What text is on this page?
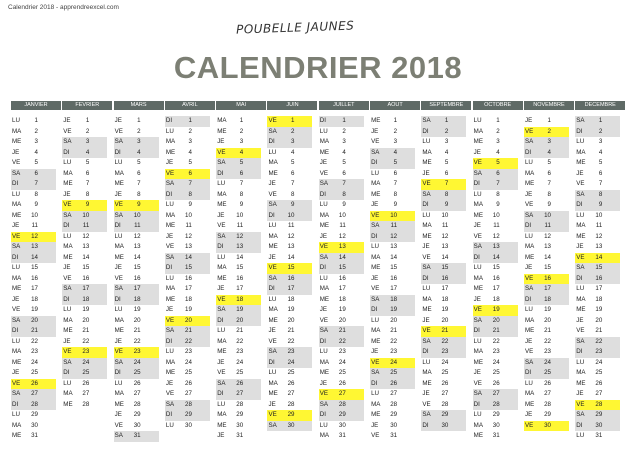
Calendrier 2018 - apprendreexcel.com
POUBELLE JAUNES
CALENDRIER 2018
JANVIER
LU	1
MA	2
ME	3
JE	4
VE	5
SA	6
DI	7
LU	8
MA	9
ME	10
JE	11
VE	12
SA	13
DI	14
LU	15
MA	16
ME	17
JE	18
VE	19
SA	20
DI	21
LU	22
MA	23
ME	24
JE	25
VE	26
SA	27
DI	28
LU	29
MA	30
ME	31
FEVRIER
JE	1
VE	2
SA	3
DI	4
LU	5
MA	6
ME	7
JE	8
VE	9
SA	10
DI	11
LU	12
MA	13
ME	14
JE	15
VE	16
SA	17
DI	18
LU	19
MA	20
ME	21
JE	22
VE	23
SA	24
DI	25
LU	26
MA	27
ME	28
MARS
JE	1
VE	2
SA	3
DI	4
LU	5
MA	6
ME	7
JE	8
VE	9
SA	10
DI	11
LU	12
MA	13
ME	14
JE	15
VE	16
SA	17
DI	18
LU	19
MA	20
ME	21
JE	22
VE	23
SA	24
DI	25
LU	26
MA	27
ME	28
JE	29
VE	30
SA	31
AVRIL
DI	1
LU	2
MA	3
ME	4
JE	5
VE	6
SA	7
DI	8
LU	9
MA	10
ME	11
JE	12
VE	13
SA	14
DI	15
LU	16
MA	17
ME	18
JE	19
VE	20
SA	21
DI	22
LU	23
MA	24
ME	25
JE	26
VE	27
SA	28
DI	29
LU	30
MAI
MA	1
ME	2
JE	3
VE	4
SA	5
DI	6
LU	7
MA	8
ME	9
JE	10
VE	11
SA	12
DI	13
LU	14
MA	15
ME	16
JE	17
VE	18
SA	19
DI	20
LU	21
MA	22
ME	23
JE	24
VE	25
SA	26
DI	27
LU	28
MA	29
ME	30
JE	31
JUIN
VE	1
SA	2
DI	3
LU	4
MA	5
ME	6
JE	7
VE	8
SA	9
DI	10
LU	11
MA	12
ME	13
JE	14
VE	15
SA	16
DI	17
LU	18
MA	19
ME	20
JE	21
VE	22
SA	23
DI	24
LU	25
MA	26
ME	27
JE	28
VE	29
SA	30
JUILLET
DI	1
LU	2
MA	3
ME	4
JE	5
VE	6
SA	7
DI	8
LU	9
MA	10
ME	11
JE	12
VE	13
SA	14
DI	15
LU	16
MA	17
ME	18
JE	19
VE	20
SA	21
DI	22
LU	23
MA	24
ME	25
JE	26
VE	27
SA	28
DI	29
LU	30
MA	31
AOUT
ME	1
JE	2
VE	3
SA	4
DI	5
LU	6
MA	7
ME	8
JE	9
VE	10
SA	11
DI	12
LU	13
MA	14
ME	15
JE	16
VE	17
SA	18
DI	19
LU	20
MA	21
ME	22
JE	23
VE	24
SA	25
DI	26
LU	27
MA	28
ME	29
JE	30
VE	31
SEPTEMBRE
SA	1
DI	2
LU	3
MA	4
ME	5
JE	6
VE	7
SA	8
DI	9
LU	10
MA	11
ME	12
JE	13
VE	14
SA	15
DI	16
LU	17
MA	18
ME	19
JE	20
VE	21
SA	22
DI	23
LU	24
MA	25
ME	26
JE	27
VE	28
SA	29
DI	30
OCTOBRE
LU	1
MA	2
ME	3
JE	4
VE	5
SA	6
DI	7
LU	8
MA	9
ME	10
JE	11
VE	12
SA	13
DI	14
LU	15
MA	16
ME	17
JE	18
VE	19
SA	20
DI	21
LU	22
MA	23
ME	24
JE	25
VE	26
SA	27
DI	28
LU	29
MA	30
ME	31
NOVEMBRE
JE	1
VE	2
SA	3
DI	4
LU	5
MA	6
ME	7
JE	8
VE	9
SA	10
DI	11
LU	12
MA	13
ME	14
JE	15
VE	16
SA	17
DI	18
LU	19
MA	20
ME	21
JE	22
VE	23
SA	24
DI	25
LU	26
MA	27
ME	28
JE	29
VE	30
DECEMBRE
SA	1
DI	2
LU	3
MA	4
ME	5
JE	6
VE	7
SA	8
DI	9
LU	10
MA	11
ME	12
JE	13
VE	14
SA	15
DI	16
LU	17
MA	18
ME	19
JE	20
VE	21
SA	22
DI	23
LU	24
MA	25
ME	26
JE	27
VE	28
SA	29
DI	30
LU	31
